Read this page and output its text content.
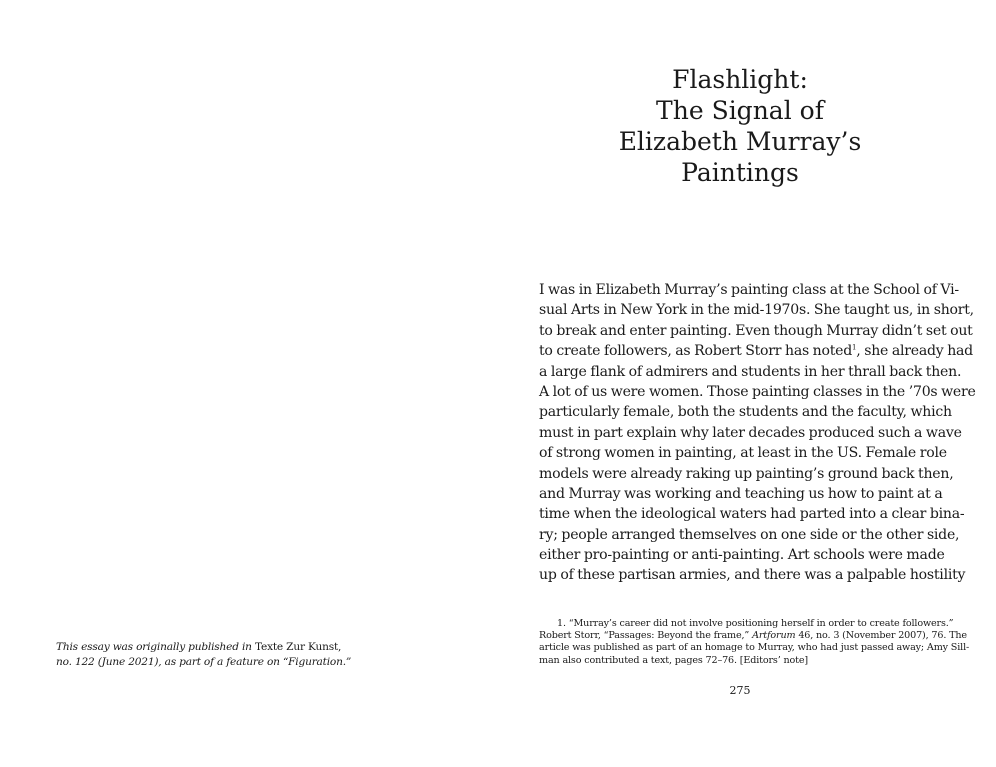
This essay was originally published in Texte Zur Kunst,
no. 122 (June 2021), as part of a feature on “Figuration.”
Flashlight:
The Signal of
Elizabeth Murray’s
Paintings
I was in Elizabeth Murray’s painting class at the School of Vi-
sual Arts in New York in the mid-1970s. She taught us, in short,
to break and enter painting. Even though Murray didn’t set out
to create followers, as Robert Storr has noted$^1$, she already had
a large flank of admirers and students in her thrall back then.
A lot of us were women. Those painting classes in the ’70s were
particularly female, both the students and the faculty, which
must in part explain why later decades produced such a wave
of strong women in painting, at least in the US. Female role
models were already raking up painting’s ground back then,
and Murray was working and teaching us how to paint at a
time when the ideological waters had parted into a clear bina-
ry; people arranged themselves on one side or the other side,
either pro-painting or anti-painting. Art schools were made
up of these partisan armies, and there was a palpable hostility
1. “Murray’s career did not involve positioning herself in order to create followers.”
Robert Storr, “Passages: Beyond the frame,” Artforum 46, no. 3 (November 2007), 76. The
article was published as part of an homage to Murray, who had just passed away; Amy Sill-
man also contributed a text, pages 72–76. [Editors’ note]
275
